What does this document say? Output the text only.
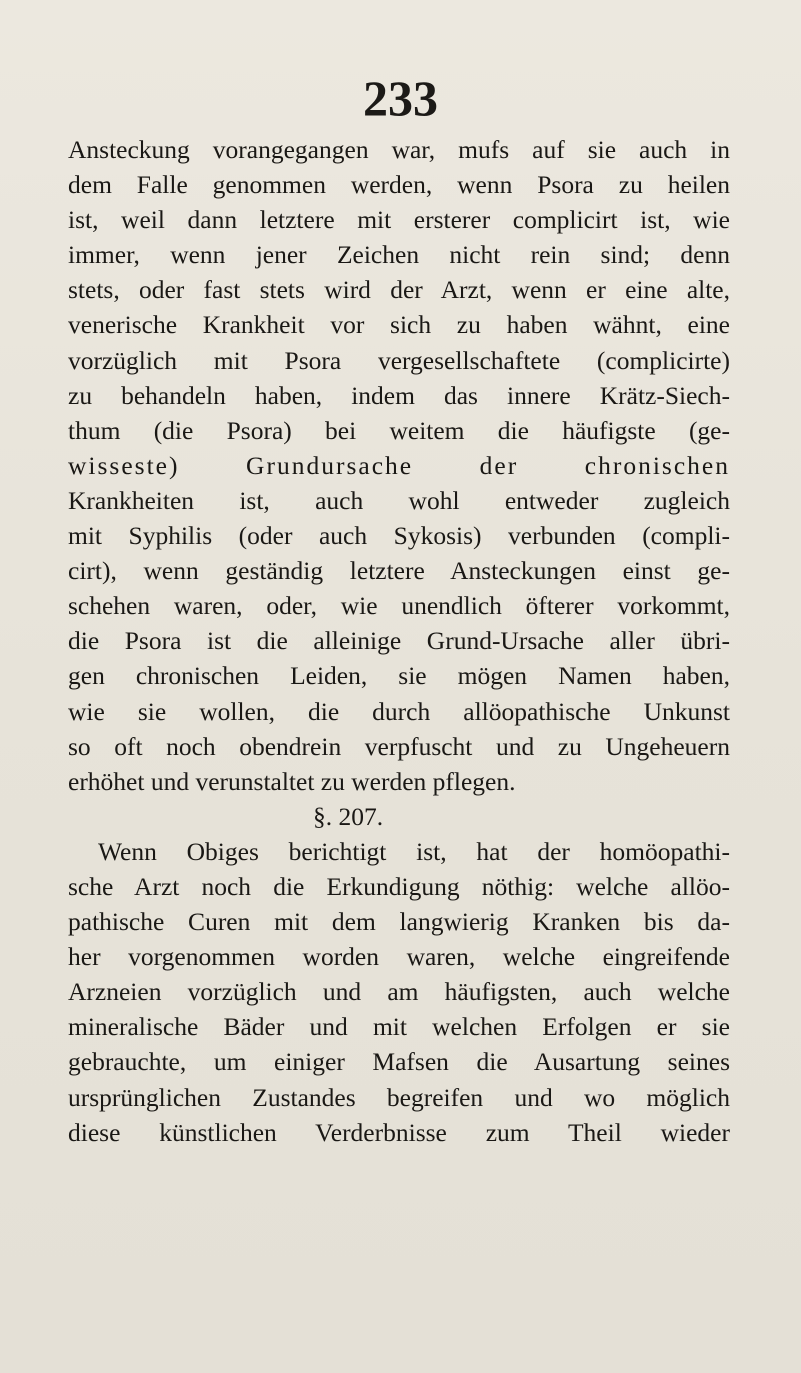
233
Ansteckung vorangegangen war, mufs auf sie auch in
dem Falle genommen werden, wenn Psora zu heilen
ist, weil dann letztere mit ersterer complicirt ist, wie
immer, wenn jener Zeichen nicht rein sind; denn
stets, oder fast stets wird der Arzt, wenn er eine alte,
venerische Krankheit vor sich zu haben wähnt, eine
vorzüglich mit Psora vergesellschaftete (complicirte)
zu behandeln haben, indem das innere Krätz-Siech-
thum (die Psora) bei weitem die häufigste (ge-
wisseste) Grundursache der chronischen
Krankheiten ist, auch wohl entweder zugleich
mit Syphilis (oder auch Sykosis) verbunden (compli-
cirt), wenn geständig letztere Ansteckungen einst ge-
schehen waren, oder, wie unendlich öfterer vorkommt,
die Psora ist die alleinige Grund-Ursache aller übri-
gen chronischen Leiden, sie mögen Namen haben,
wie sie wollen, die durch allöopathische Unkunst
so oft noch obendrein verpfuscht und zu Ungeheuern
erhöhet und verunstaltet zu werden pflegen.
§. 207.
Wenn Obiges berichtigt ist, hat der homöopathi-
sche Arzt noch die Erkundigung nöthig: welche allöo-
pathische Curen mit dem langwierig Kranken bis da-
her vorgenommen worden waren, welche eingreifende
Arzneien vorzüglich und am häufigsten, auch welche
mineralische Bäder und mit welchen Erfolgen er sie
gebrauchte, um einiger Mafsen die Ausartung seines
ursprünglichen Zustandes begreifen und wo möglich
diese künstlichen Verderbnisse zum Theil wieder
